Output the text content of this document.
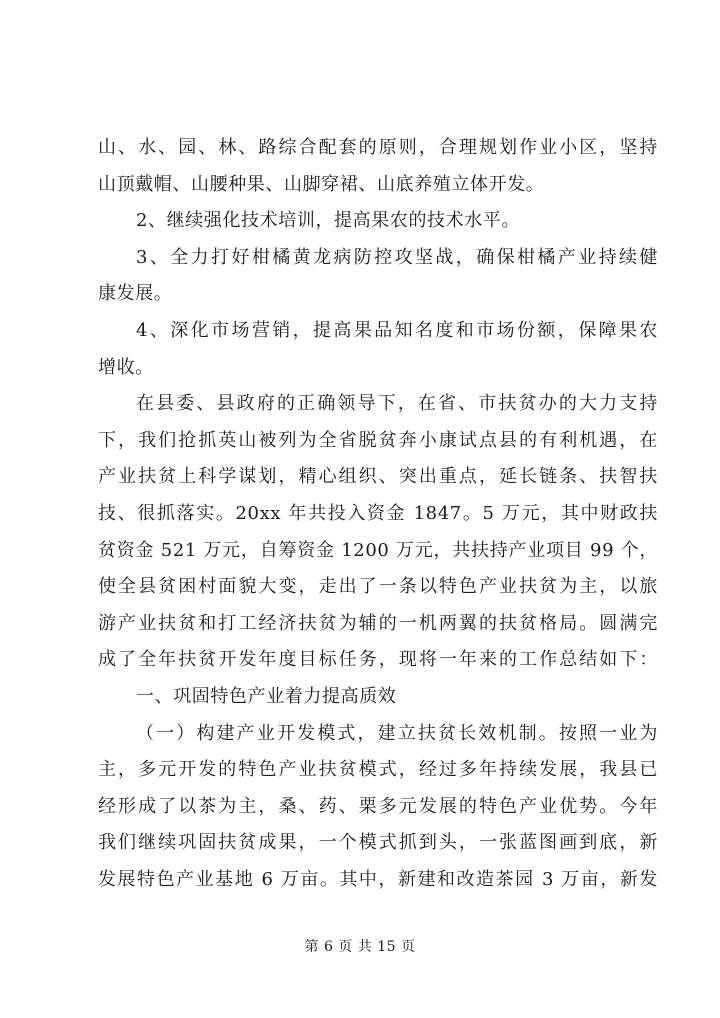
山、水、园、林、路综合配套的原则，合理规划作业小区，坚持
山顶戴帽、山腰种果、山脚穿裙、山底养殖立体开发。
2、继续强化技术培训，提高果农的技术水平。
3、全力打好柑橘黄龙病防控攻坚战，确保柑橘产业持续健
康发展。
4、深化市场营销，提高果品知名度和市场份额，保障果农
增收。
在县委、县政府的正确领导下，在省、市扶贫办的大力支持
下，我们抢抓英山被列为全省脱贫奔小康试点县的有利机遇，在
产业扶贫上科学谋划，精心组织、突出重点，延长链条、扶智扶
技、很抓落实。20xx 年共投入资金 1847。5 万元，其中财政扶
贫资金 521 万元，自筹资金 1200 万元，共扶持产业项目 99 个，
使全县贫困村面貌大变，走出了一条以特色产业扶贫为主，以旅
游产业扶贫和打工经济扶贫为辅的一机两翼的扶贫格局。圆满完
成了全年扶贫开发年度目标任务，现将一年来的工作总结如下：
一、巩固特色产业着力提高质效
（一）构建产业开发模式，建立扶贫长效机制。按照一业为
主，多元开发的特色产业扶贫模式，经过多年持续发展，我县已
经形成了以茶为主，桑、药、栗多元发展的特色产业优势。今年
我们继续巩固扶贫成果，一个模式抓到头，一张蓝图画到底，新
发展特色产业基地 6 万亩。其中，新建和改造茶园 3 万亩，新发
第 6 页 共 15 页
